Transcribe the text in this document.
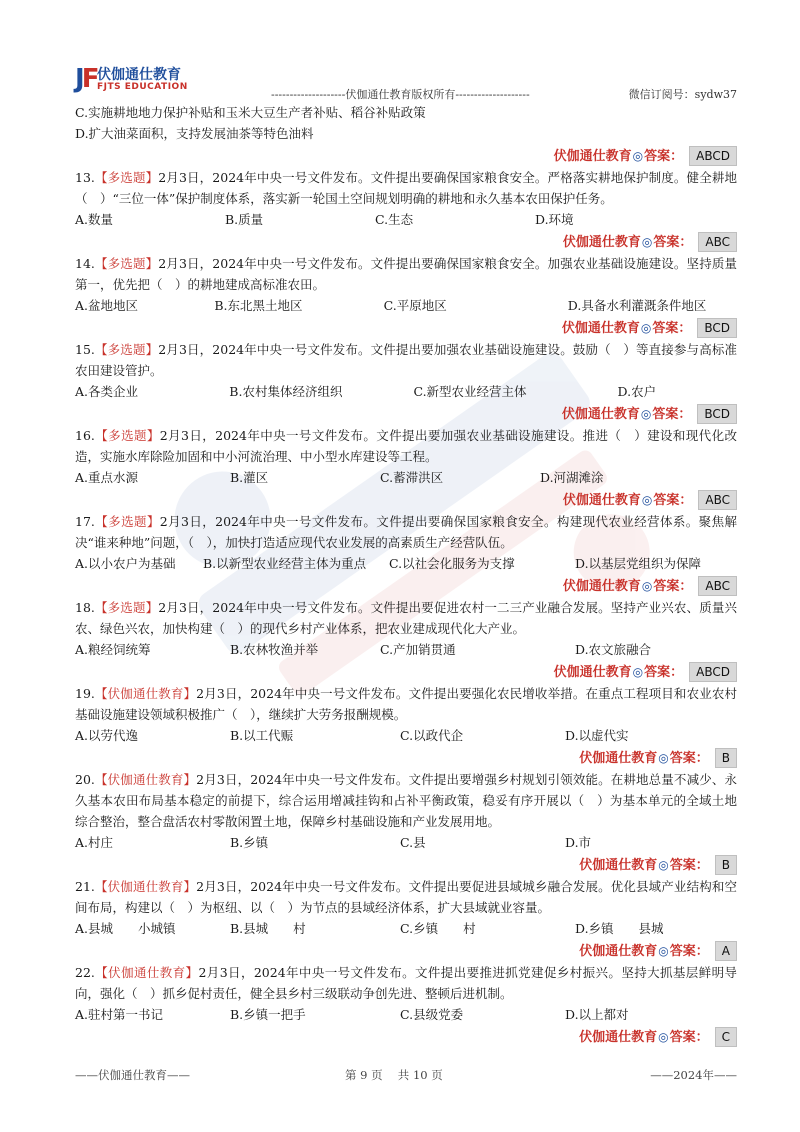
JF 伏伽通仕教育
FJTS EDUCATION
--------------------伏伽通仕教育版权所有--------------------	微信订阅号：sydw37
C.实施耕地地力保护补贴和玉米大豆生产者补贴、稻谷补贴政策
D.扩大油菜面积，支持发展油茶等特色油料
伏伽通仕教育 ◎ 答案：	ABCD
13.【多选题】2月3日，2024年中央一号文件发布。文件提出要确保国家粮食安全。严格落实耕地保护制度。健全耕地（　）“三位一体”保护制度体系，落实新一轮国土空间规划明确的耕地和永久基本农田保护任务。
A.数量	B.质量	C.生态	D.环境
伏伽通仕教育 ◎ 答案：	ABC
14.【多选题】2月3日，2024年中央一号文件发布。文件提出要确保国家粮食安全。加强农业基础设施建设。坚持质量第一，优先把（　）的耕地建成高标准农田。
A.盆地地区	B.东北黑土地区	C.平原地区	D.具备水利灌溉条件地区
伏伽通仕教育 ◎ 答案：	BCD
15.【多选题】2月3日，2024年中央一号文件发布。文件提出要加强农业基础设施建设。鼓励（　）等直接参与高标准农田建设管护。
A.各类企业	B.农村集体经济组织	C.新型农业经营主体	D.农户
伏伽通仕教育 ◎ 答案：	BCD
16.【多选题】2月3日，2024年中央一号文件发布。文件提出要加强农业基础设施建设。推进（　）建设和现代化改造，实施水库除险加固和中小河流治理、中小型水库建设等工程。
A.重点水源	B.灌区	C.蓄滞洪区	D.河湖滩涂
伏伽通仕教育 ◎ 答案：	ABC
17.【多选题】2月3日，2024年中央一号文件发布。文件提出要确保国家粮食安全。构建现代农业经营体系。聚焦解决“谁来种地”问题，（　），加快打造适应现代农业发展的高素质生产经营队伍。
A.以小农户为基础	B.以新型农业经营主体为重点	C.以社会化服务为支撑	D.以基层党组织为保障
伏伽通仕教育 ◎ 答案：	ABC
18.【多选题】2月3日，2024年中央一号文件发布。文件提出要促进农村一二三产业融合发展。坚持产业兴农、质量兴农、绿色兴农，加快构建（　）的现代乡村产业体系，把农业建成现代化大产业。
A.粮经饲统筹	B.农林牧渔并举	C.产加销贯通	D.农文旅融合
伏伽通仕教育 ◎ 答案：	ABCD
19.【伏伽通仕教育】2月3日，2024年中央一号文件发布。文件提出要强化农民增收举措。在重点工程项目和农业农村基础设施建设领域积极推广（　），继续扩大劳务报酬规模。
A.以劳代逸	B.以工代赈	C.以政代企	D.以虚代实
伏伽通仕教育 ◎ 答案：	B
20.【伏伽通仕教育】2月3日，2024年中央一号文件发布。文件提出要增强乡村规划引领效能。在耕地总量不减少、永久基本农田布局基本稳定的前提下，综合运用增减挂钩和占补平衡政策，稳妥有序开展以（　）为基本单元的全域土地综合整治，整合盘活农村零散闲置土地，保障乡村基础设施和产业发展用地。
A.村庄	B.乡镇	C.县	D.市
伏伽通仕教育 ◎ 答案：	B
21.【伏伽通仕教育】2月3日，2024年中央一号文件发布。文件提出要促进县域城乡融合发展。优化县域产业结构和空间布局，构建以（　）为枢纽、以（　）为节点的县域经济体系，扩大县域就业容量。
A.县城　　小城镇	B.县城　　村	C.乡镇　　村	D.乡镇　　县城
伏伽通仕教育 ◎ 答案：	A
22.【伏伽通仕教育】2月3日，2024年中央一号文件发布。文件提出要推进抓党建促乡村振兴。坚持大抓基层鲜明导向，强化（　）抓乡促村责任，健全县乡村三级联动争创先进、整顿后进机制。
A.驻村第一书记	B.乡镇一把手	C.县级党委	D.以上都对
伏伽通仕教育 ◎ 答案：	C
——伏伽通仕教育——	第 9 页　 共 10 页	——2024年——
